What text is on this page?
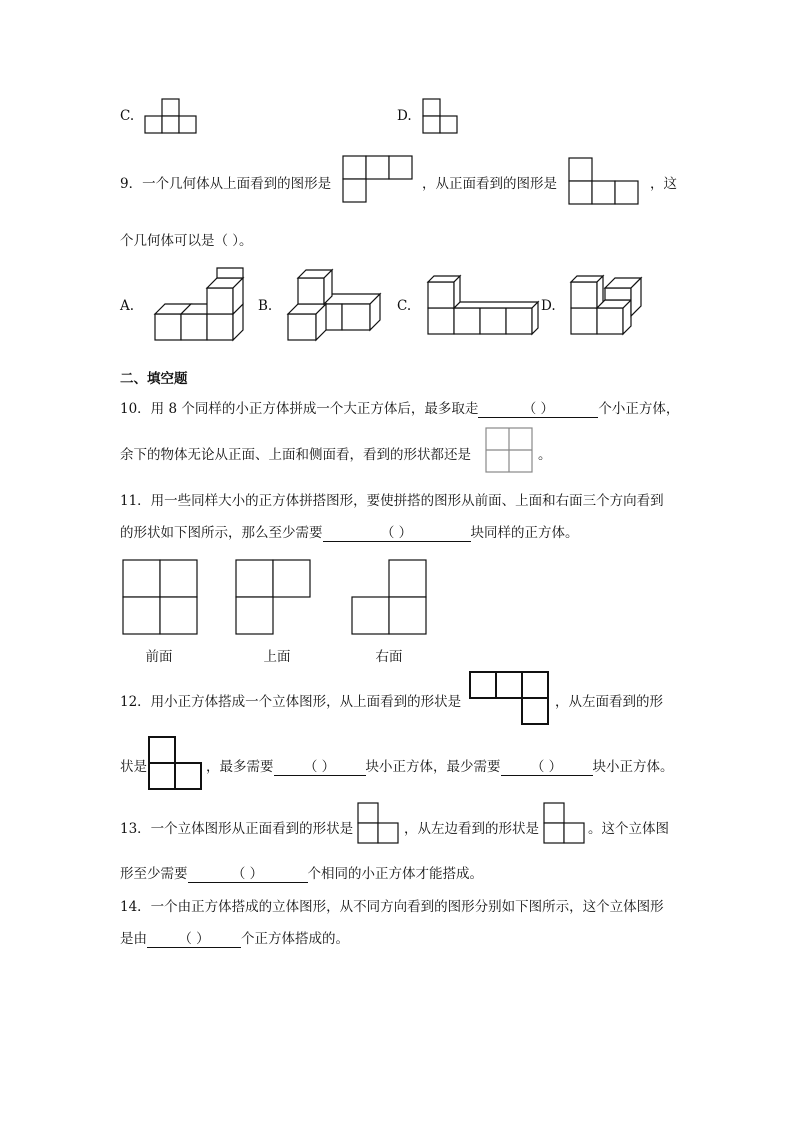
C.	D.
9．一个几何体从上面看到的图形是	，从正面看到的图形是	，这
个几何体可以是（ ）。
A.	B.	C.	D.
二、填空题
10．用 8 个同样的小正方体拼成一个大正方体后，最多取走	（ ）	个小正方体，
余下的物体无论从正面、上面和侧面看，看到的形状都还是	。
11．用一些同样大小的正方体拼搭图形，要使拼搭的图形从前面、上面和右面三个方向看到
的形状如下图所示，那么至少需要	（ ）	块同样的正方体。
前面	上面	右面
12．用小正方体搭成一个立体图形，从上面看到的形状是	，从左面看到的形
状是	，最多需要 （ ） 块小正方体，最少需要 （ ） 块小正方体。
13．一个立体图形从正面看到的形状是	，从左边看到的形状是	。这个立体图
形至少需要	（ ）	个相同的小正方体才能搭成。
14．一个由正方体搭成的立体图形，从不同方向看到的图形分别如下图所示，这个立体图形
是由 （ ） 个正方体搭成的。
